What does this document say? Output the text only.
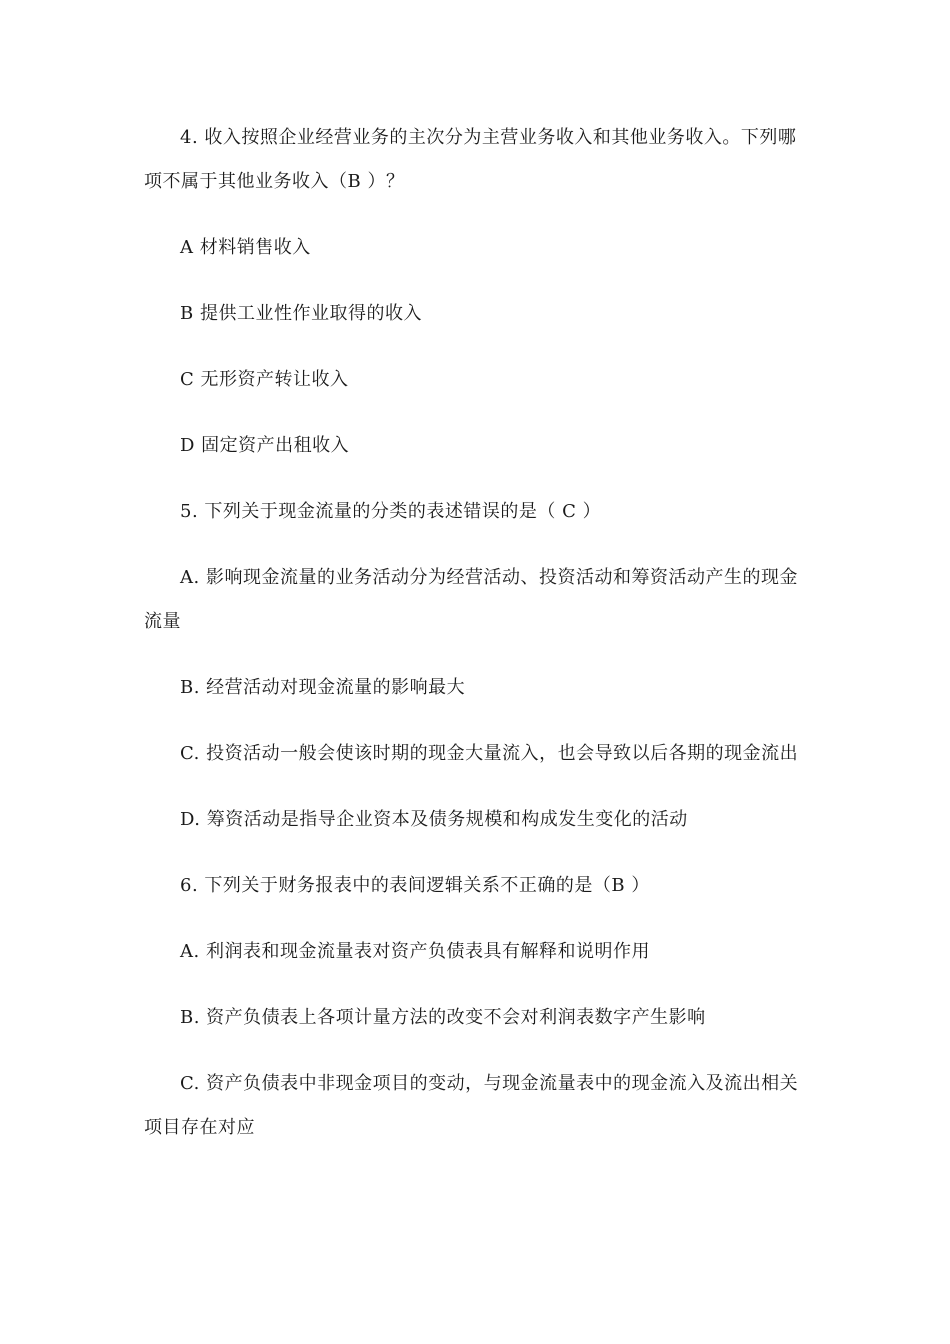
4. 收入按照企业经营业务的主次分为主营业务收入和其他业务收入。下列哪项不属于其他业务收入（B ）？

A 材料销售收入

B 提供工业性作业取得的收入

C 无形资产转让收入

D 固定资产出租收入

5. 下列关于现金流量的分类的表述错误的是（ C ）

A. 影响现金流量的业务活动分为经营活动、投资活动和筹资活动产生的现金流量

B. 经营活动对现金流量的影响最大

C. 投资活动一般会使该时期的现金大量流入，也会导致以后各期的现金流出

D. 筹资活动是指导企业资本及债务规模和构成发生变化的活动

6. 下列关于财务报表中的表间逻辑关系不正确的是（B ）

A. 利润表和现金流量表对资产负债表具有解释和说明作用

B. 资产负债表上各项计量方法的改变不会对利润表数字产生影响

C. 资产负债表中非现金项目的变动，与现金流量表中的现金流入及流出相关项目存在对应
